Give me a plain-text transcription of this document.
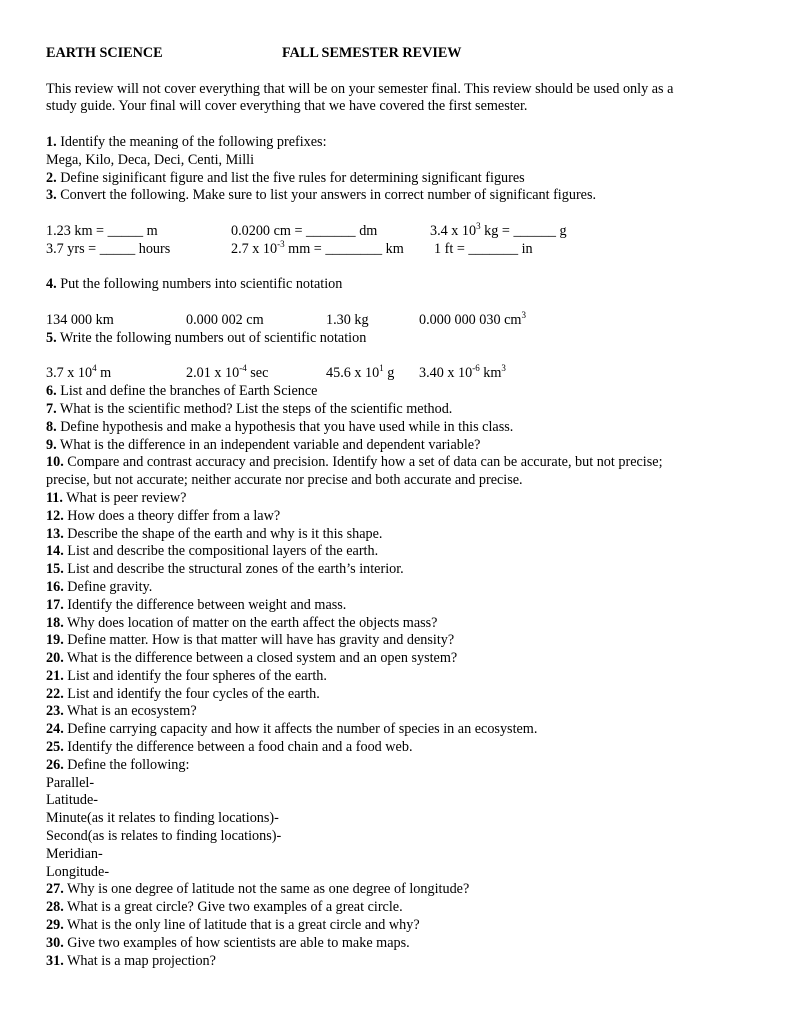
EARTH SCIENCE	FALL SEMESTER REVIEW
This review will not cover everything that will be on your semester final. This review should be used only as a
study guide. Your final will cover everything that we have covered the first semester.
1. Identify the meaning of the following prefixes:
Mega, Kilo, Deca, Deci, Centi, Milli
2. Define siginificant figure and list the five rules for determining significant figures
3. Convert the following. Make sure to list your answers in correct number of significant figures.
1.23 km = _____ m	0.0200 cm = _______ dm	3.4 x $10^3$ kg = ______ g
3.7 yrs = _____ hours	2.7 x $10^{-3}$ mm = ________ km 1 ft = _______ in
4. Put the following numbers into scientific notation
134 000 km	0.000 002 cm	1.30 kg	0.000 000 030 $cm^3$
5. Write the following numbers out of scientific notation
3.7 x $10^4$ m	2.01 x $10^{-4}$ sec	45.6 x $10^1$ g 3.40 x $10^{-6}$ $km^3$
6. List and define the branches of Earth Science
7. What is the scientific method? List the steps of the scientific method.
8. Define hypothesis and make a hypothesis that you have used while in this class.
9. What is the difference in an independent variable and dependent variable?
10. Compare and contrast accuracy and precision. Identify how a set of data can be accurate, but not precise;
precise, but not accurate; neither accurate nor precise and both accurate and precise.
11. What is peer review?
12. How does a theory differ from a law?
13. Describe the shape of the earth and why is it this shape.
14. List and describe the compositional layers of the earth.
15. List and describe the structural zones of the earth’s interior.
16. Define gravity.
17. Identify the difference between weight and mass.
18. Why does location of matter on the earth affect the objects mass?
19. Define matter. How is that matter will have has gravity and density?
20. What is the difference between a closed system and an open system?
21. List and identify the four spheres of the earth.
22. List and identify the four cycles of the earth.
23. What is an ecosystem?
24. Define carrying capacity and how it affects the number of species in an ecosystem.
25. Identify the difference between a food chain and a food web.
26. Define the following:
Parallel-
Latitude-
Minute(as it relates to finding locations)-
Second(as is relates to finding locations)-
Meridian-
Longitude-
27. Why is one degree of latitude not the same as one degree of longitude?
28. What is a great circle? Give two examples of a great circle.
29. What is the only line of latitude that is a great circle and why?
30. Give two examples of how scientists are able to make maps.
31. What is a map projection?
